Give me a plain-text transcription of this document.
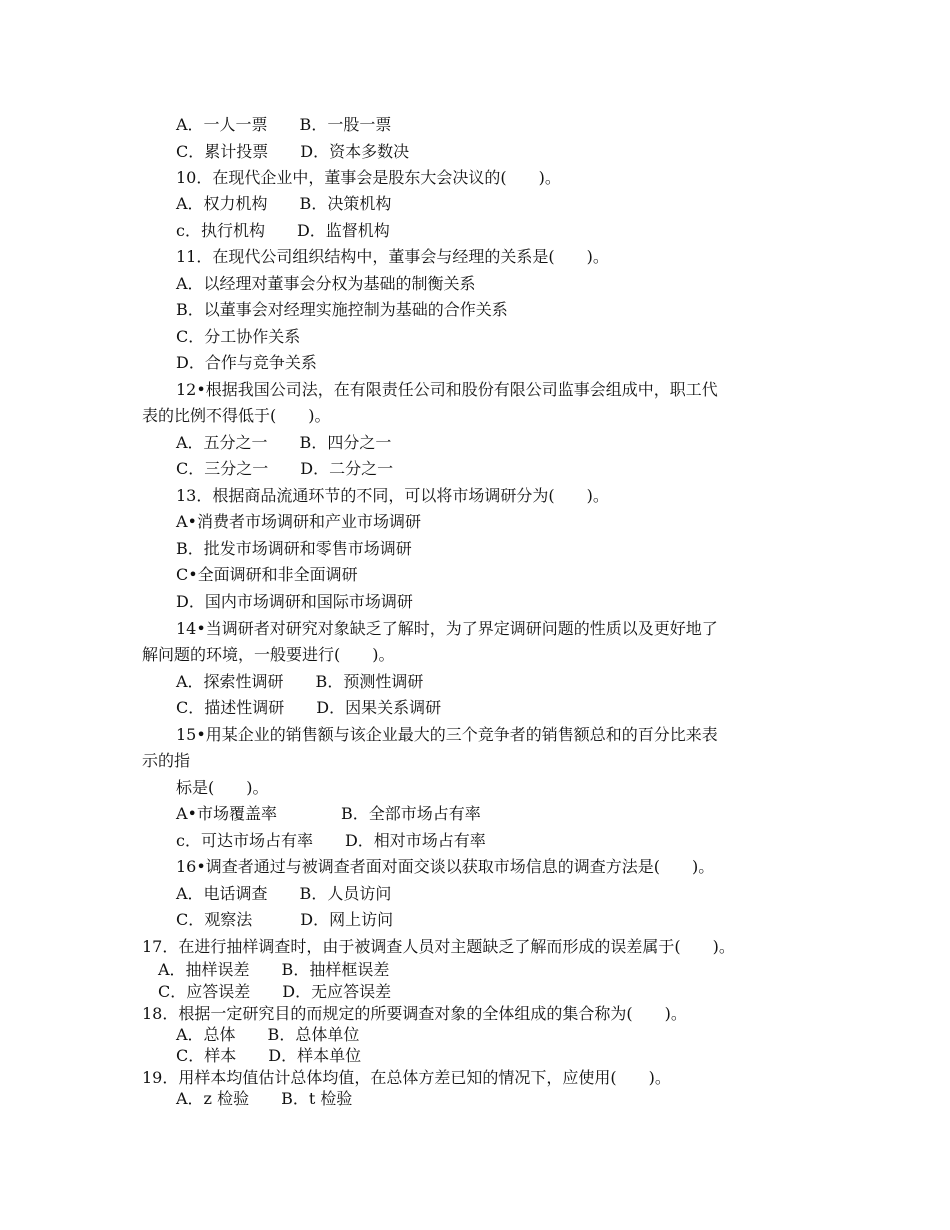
A．一人一票　　B．一股一票
C．累计投票　　D．资本多数决
10．在现代企业中，董事会是股东大会决议的(　　)。
A．权力机构　　B．决策机构
c．执行机构　　D．监督机构
11．在现代公司组织结构中，董事会与经理的关系是(　　)。
A．以经理对董事会分权为基础的制衡关系
B．以董事会对经理实施控制为基础的合作关系
C．分工协作关系
D．合作与竞争关系
12•根据我国公司法，在有限责任公司和股份有限公司监事会组成中，职工代
表的比例不得低于(　　)。
A．五分之一　　B．四分之一
C．三分之一　　D．二分之一
13．根据商品流通环节的不同，可以将市场调研分为(　　)。
A•消费者市场调研和产业市场调研
B．批发市场调研和零售市场调研
C•全面调研和非全面调研
D．国内市场调研和国际市场调研
14•当调研者对研究对象缺乏了解时，为了界定调研问题的性质以及更好地了
解问题的环境，一般要进行(　　)。
A．探索性调研　　B．预测性调研
C．描述性调研　　D．因果关系调研
15•用某企业的销售额与该企业最大的三个竞争者的销售额总和的百分比来表
示的指
标是(　　)。
A•市场覆盖率　　　　B．全部市场占有率
c．可达市场占有率　　D．相对市场占有率
16•调查者通过与被调查者面对面交谈以获取市场信息的调查方法是(　　)。
A．电话调查　　B．人员访问
C．观察法　　　D．网上访问
17．在进行抽样调查时，由于被调查人员对主题缺乏了解而形成的误差属于(　　)。
A．抽样误差　　B．抽样框误差
C．应答误差　　D．无应答误差
18．根据一定研究目的而规定的所要调查对象的全体组成的集合称为(　　)。
A．总体　　B．总体单位
C．样本　　D．样本单位
19．用样本均值估计总体均值，在总体方差已知的情况下，应使用(　　)。
A．z 检验　　B．t 检验
